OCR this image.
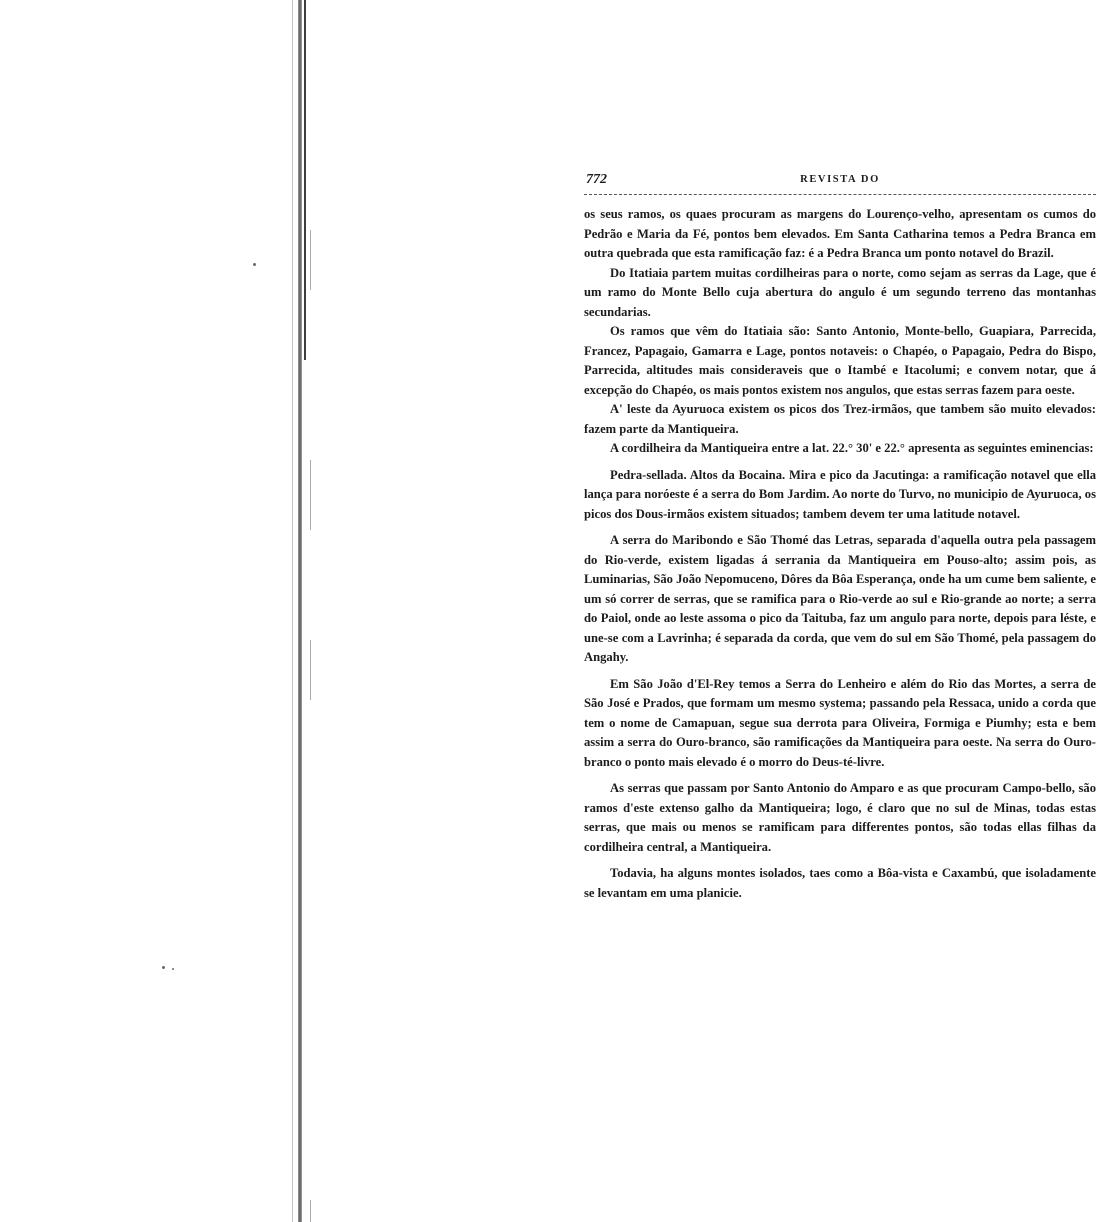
772	REVISTA DO

os seus ramos, os quaes procuram as margens do Lourenço-velho, apresentam os cumos do Pedrão e Maria da Fé, pontos bem elevados. Em Santa Catharina temos a Pedra Branca em outra quebrada que esta ramificação faz: é a Pedra Branca um ponto notavel do Brazil.

Do Itatiaia partem muitas cordilheiras para o norte, como sejam as serras da Lage, que é um ramo do Monte Bello cuja abertura do angulo é um segundo terreno das montanhas secundarias.

Os ramos que vêm do Itatiaia são: Santo Antonio, Monte-bello, Guapiara, Parrecida, Francez, Papagaio, Gamarra e Lage, pontos notaveis: o Chapéo, o Papagaio, Pedra do Bispo, Parrecida, altitudes mais consideraveis que o Itambé e Itacolumi; e convem notar, que á excepção do Chapéo, os mais pontos existem nos angulos, que estas serras fazem para oeste.

A' leste da Ayuruoca existem os picos dos Trez-irmãos, que tambem são muito elevados: fazem parte da Mantiqueira.

A cordilheira da Mantiqueira entre a lat. 22.° 30' e 22.° apresenta as seguintes eminencias:

Pedra-sellada. Altos da Bocaina. Mira e pico da Jacutinga: a ramificação notavel que ella lança para noróeste é a serra do Bom Jardim. Ao norte do Turvo, no municipio de Ayuruoca, os picos dos Dous-irmãos existem situados; tambem devem ter uma latitude notavel.

A serra do Maribondo e São Thomé das Letras, separada d'aquella outra pela passagem do Rio-verde, existem ligadas á serrania da Mantiqueira em Pouso-alto; assim pois, as Luminarias, São João Nepomuceno, Dôres da Bôa Esperança, onde ha um cume bem saliente, e um só correr de serras, que se ramifica para o Rio-verde ao sul e Rio-grande ao norte; a serra do Paiol, onde ao leste assoma o pico da Taituba, faz um angulo para norte, depois para léste, e une-se com a Lavrinha; é separada da corda, que vem do sul em São Thomé, pela passagem do Angahy.

Em São João d'El-Rey temos a Serra do Lenheiro e além do Rio das Mortes, a serra de São José e Prados, que formam um mesmo systema; passando pela Ressaca, unido a corda que tem o nome de Camapuan, segue sua derrota para Oliveira, Formiga e Piumhy; esta e bem assim a serra do Ouro-branco, são ramificações da Mantiqueira para oeste. Na serra do Ouro-branco o ponto mais elevado é o morro do Deus-té-livre.

As serras que passam por Santo Antonio do Amparo e as que procuram Campo-bello, são ramos d'este extenso galho da Mantiqueira; logo, é claro que no sul de Minas, todas estas serras, que mais ou menos se ramificam para differentes pontos, são todas ellas filhas da cordilheira central, a Mantiqueira.

Todavia, ha alguns montes isolados, taes como a Bôa-vista e Caxambú, que isoladamente se levantam em uma planicie.
